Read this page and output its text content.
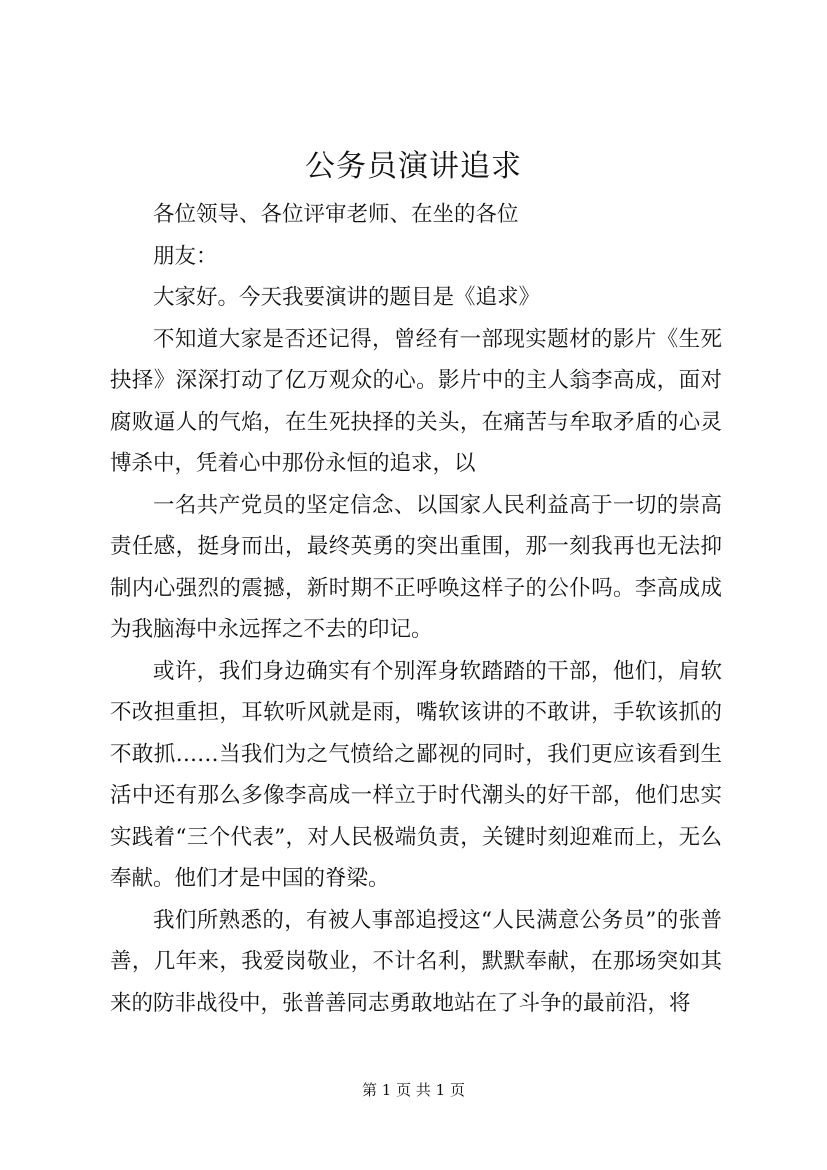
公务员演讲追求

各位领导、各位评审老师、在坐的各位

朋友：

大家好。今天我要演讲的题目是《追求》

不知道大家是否还记得，曾经有一部现实题材的影片《生死抉择》深深打动了亿万观众的心。影片中的主人翁李高成，面对腐败逼人的气焰，在生死抉择的关头，在痛苦与牟取矛盾的心灵博杀中，凭着心中那份永恒的追求，以

一名共产党员的坚定信念、以国家人民利益高于一切的崇高责任感，挺身而出，最终英勇的突出重围，那一刻我再也无法抑制内心强烈的震撼，新时期不正呼唤这样子的公仆吗。李高成成为我脑海中永远挥之不去的印记。

或许，我们身边确实有个别浑身软踏踏的干部，他们，肩软不改担重担，耳软听风就是雨，嘴软该讲的不敢讲，手软该抓的不敢抓……当我们为之气愤给之鄙视的同时，我们更应该看到生活中还有那么多像李高成一样立于时代潮头的好干部，他们忠实实践着“三个代表”，对人民极端负责，关键时刻迎难而上，无么奉献。他们才是中国的脊梁。

我们所熟悉的，有被人事部追授这“人民满意公务员”的张普善，几年来，我爱岗敬业，不计名利，默默奉献，在那场突如其来的防非战役中，张普善同志勇敢地站在了斗争的最前沿，将

第 1 页 共 1 页
